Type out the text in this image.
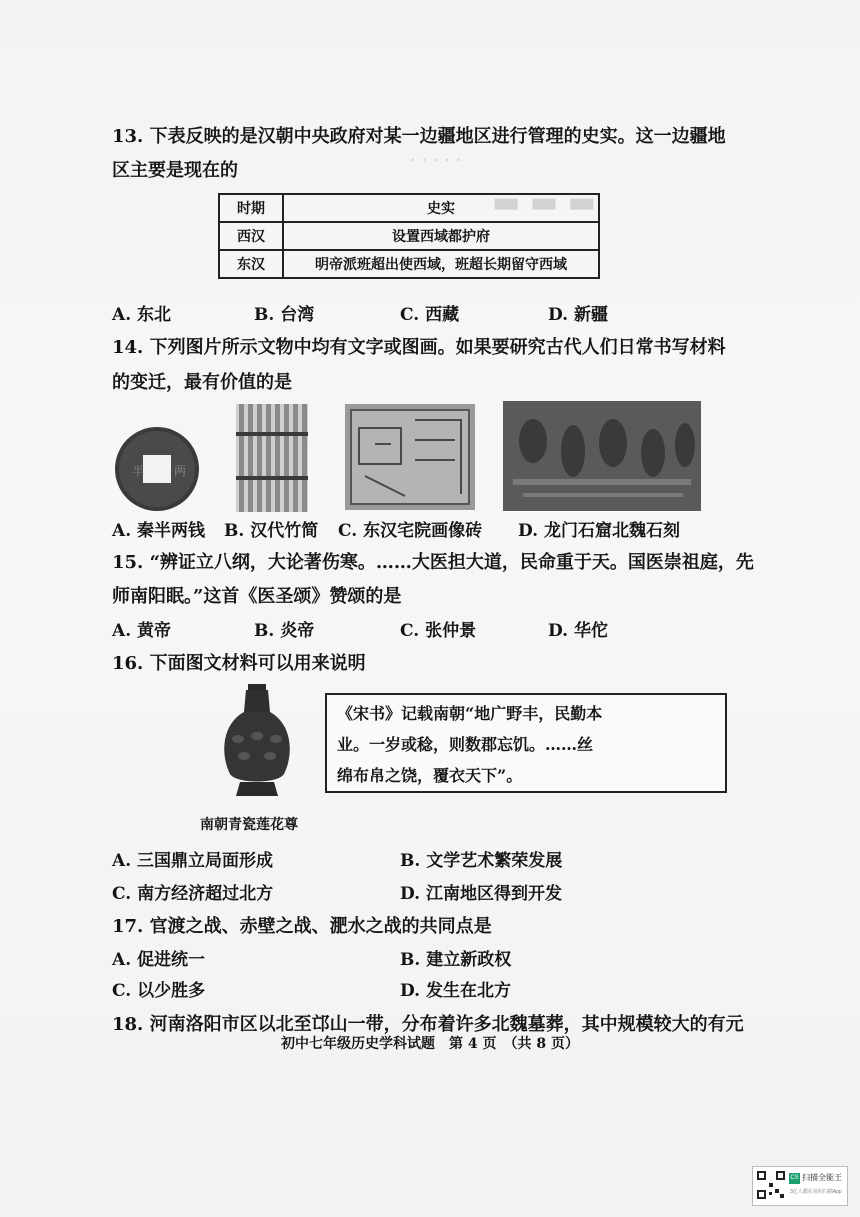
· · · · ·
▬ ▬ ▬
13. 下表反映的是汉朝中央政府对某一边疆地区进行管理的史实。这一边疆地
区主要是现在的
时期	史实
西汉	设置西域都护府
东汉	明帝派班超出使西域，班超长期留守西域
A. 东北	B. 台湾	C. 西藏	D. 新疆
14. 下列图片所示文物中均有文字或图画。如果要研究古代人们日常书写材料
的变迁，最有价值的是
半 两
A. 秦半两钱 B. 汉代竹简 C. 东汉宅院画像砖 D. 龙门石窟北魏石刻
15. “辨证立八纲，大论著伤寒。……大医担大道，民命重于天。国医崇祖庭，先
师南阳眠。”这首《医圣颂》赞颂的是
A. 黄帝	B. 炎帝	C. 张仲景	D. 华佗
16. 下面图文材料可以用来说明
南朝青瓷莲花尊
《宋书》记载南朝“地广野丰，民勤本
业。一岁或稔，则数郡忘饥。……丝
绵布帛之饶，覆衣天下”。
A. 三国鼎立局面形成	B. 文学艺术繁荣发展
C. 南方经济超过北方	D. 江南地区得到开发
17. 官渡之战、赤壁之战、淝水之战的共同点是
A. 促进统一	B. 建立新政权
C. 以少胜多	D. 发生在北方
18. 河南洛阳市区以北至邙山一带，分布着许多北魏墓葬，其中规模较大的有元
初中七年级历史学科试题　第 4 页　（共 8 页）
CS 扫描全能王
3亿人都在用的扫描App
